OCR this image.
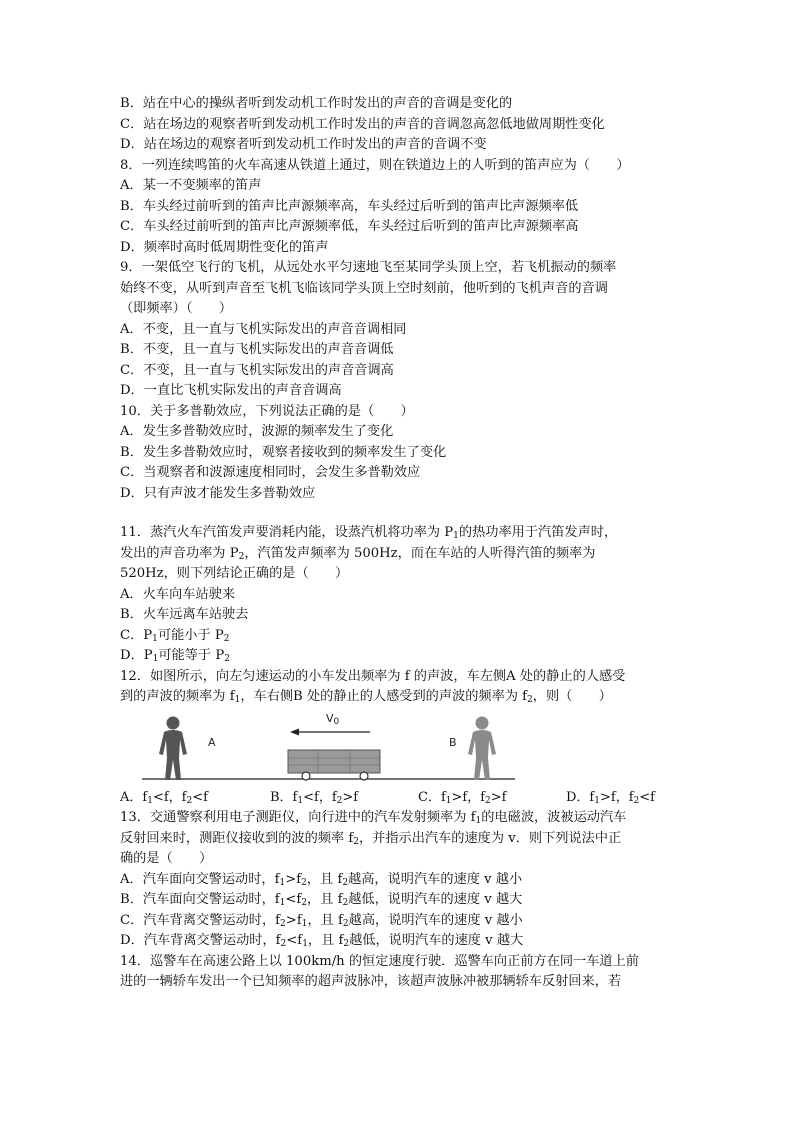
B．站在中心的操纵者听到发动机工作时发出的声音的音调是变化的
C．站在场边的观察者听到发动机工作时发出的声音的音调忽高忽低地做周期性变化
D．站在场边的观察者听到发动机工作时发出的声音的音调不变
8．一列连续鸣笛的火车高速从铁道上通过，则在铁道边上的人听到的笛声应为（　　）
A．某一不变频率的笛声
B．车头经过前听到的笛声比声源频率高，车头经过后听到的笛声比声源频率低
C．车头经过前听到的笛声比声源频率低，车头经过后听到的笛声比声源频率高
D．频率时高时低周期性变化的笛声
9．一架低空飞行的飞机，从远处水平匀速地飞至某同学头顶上空，若飞机振动的频率
始终不变，从听到声音至飞机飞临该同学头顶上空时刻前，他听到的飞机声音的音调
（即频率）（　　）
A．不变，且一直与飞机实际发出的声音音调相同
B．不变，且一直与飞机实际发出的声音音调低
C．不变，且一直与飞机实际发出的声音音调高
D．一直比飞机实际发出的声音音调高
10．关于多普勒效应，下列说法正确的是（　　）
A．发生多普勒效应时，波源的频率发生了变化
B．发生多普勒效应时，观察者接收到的频率发生了变化
C．当观察者和波源速度相同时，会发生多普勒效应
D．只有声波才能发生多普勒效应
11．蒸汽火车汽笛发声要消耗内能，设蒸汽机将功率为 $P_1$的热功率用于汽笛发声时，
发出的声音功率为 $P_2$，汽笛发声频率为 500Hz，而在车站的人听得汽笛的频率为
520Hz，则下列结论正确的是（　　）
A．火车向车站驶来
B．火车远离车站驶去
C．$P_1$可能小于 $P_2$
D．$P_1$可能等于 $P_2$
12．如图所示，向左匀速运动的小车发出频率为 f 的声波，车左侧A 处的静止的人感受
到的声波的频率为 $f_1$，车右侧B 处的静止的人感受到的声波的频率为 $f_2$，则（　　）
A	B
$V_0$
A．$f_1<f$，$f_2<f$	B．$f_1<f$，$f_2>f$	C．$f_1>f$，$f_2>f$	D．$f_1>f$，$f_2<f$
13．交通警察利用电子测距仪，向行进中的汽车发射频率为 $f_1$的电磁波，波被运动汽车
反射回来时，测距仪接收到的波的频率 $f_2$，并指示出汽车的速度为 v．则下列说法中正
确的是（　　）
A．汽车面向交警运动时，$f_1>f_2$，且 $f_2$越高，说明汽车的速度 v 越小
B．汽车面向交警运动时，$f_1<f_2$，且 $f_2$越低，说明汽车的速度 v 越大
C．汽车背离交警运动时，$f_2>f_1$，且 $f_2$越高，说明汽车的速度 v 越小
D．汽车背离交警运动时，$f_2<f_1$，且 $f_2$越低，说明汽车的速度 v 越大
14．巡警车在高速公路上以 100km/h 的恒定速度行驶．巡警车向正前方在同一车道上前
进的一辆轿车发出一个已知频率的超声波脉冲，该超声波脉冲被那辆轿车反射回来，若
